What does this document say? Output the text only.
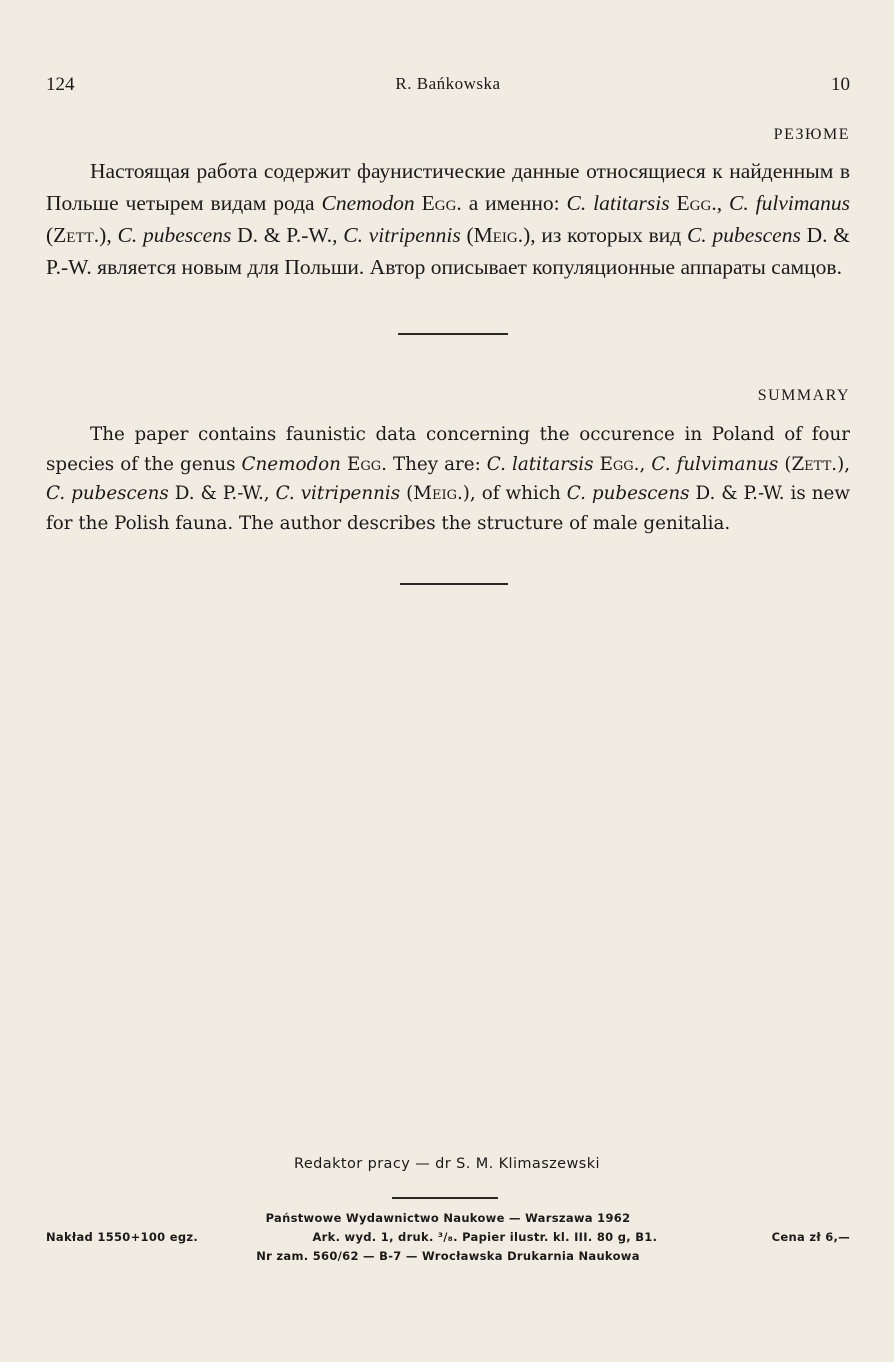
124	R. Bańkowska	10
РЕЗЮМЕ

Настоящая работа содержит фаунистические данные относящиеся к найденным в Польше четырем видам рода Cnemodon Egg. а именно: C. latitarsis Egg., C. fulvimanus (Zett.), C. pubescens D. & P.-W., C. vitripennis (Meig.), из которых вид C. pubescens D. & P.-W. является новым для Польши. Автор описывает копуляционные аппараты самцов.

SUMMARY

The paper contains faunistic data concerning the occurence in Poland of four species of the genus Cnemodon Egg. They are: C. latitarsis Egg., C. fulvimanus (Zett.), C. pubescens D. & P.-W., C. vitripennis (Meig.), of which C. pubescens D. & P.-W. is new for the Polish fauna. The author describes the structure of male genitalia.

Redaktor pracy — dr S. M. Klimaszewski
Państwowe Wydawnictwo Naukowe — Warszawa 1962
Nakład 1550+100 egz.	Ark. wyd. 1, druk. ³/₈. Papier ilustr. kl. III. 80 g, B1.	Cena zł 6,—
Nr zam. 560/62 — B-7 — Wrocławska Drukarnia Naukowa
